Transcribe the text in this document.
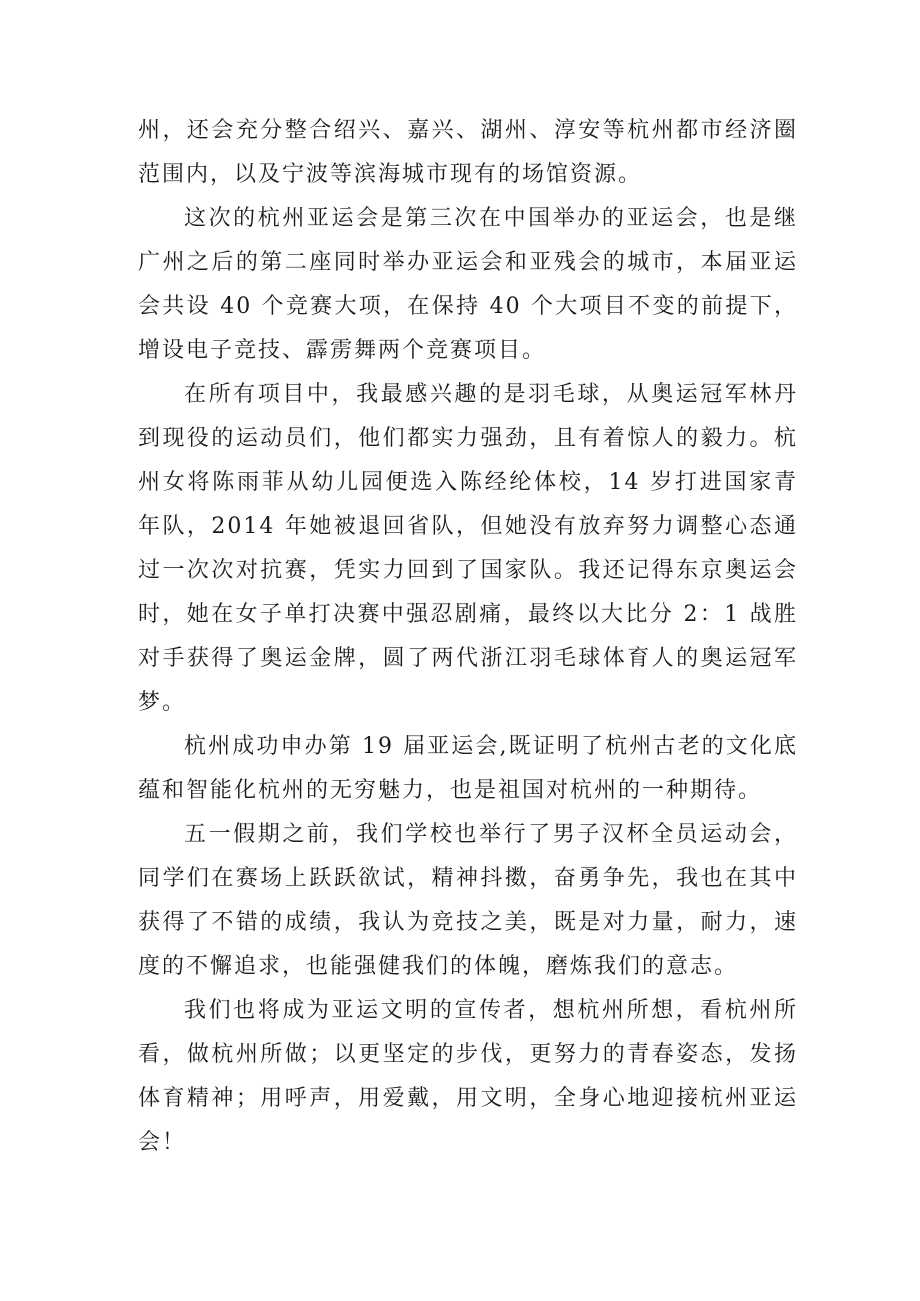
州，还会充分整合绍兴、嘉兴、湖州、淳安等杭州都市经济圈范围内，以及宁波等滨海城市现有的场馆资源。

这次的杭州亚运会是第三次在中国举办的亚运会，也是继广州之后的第二座同时举办亚运会和亚残会的城市，本届亚运会共设 40 个竞赛大项，在保持 40 个大项目不变的前提下，增设电子竞技、霹雳舞两个竞赛项目。

在所有项目中，我最感兴趣的是羽毛球，从奥运冠军林丹到现役的运动员们，他们都实力强劲，且有着惊人的毅力。杭州女将陈雨菲从幼儿园便选入陈经纶体校，14 岁打进国家青年队，2014 年她被退回省队，但她没有放弃努力调整心态通过一次次对抗赛，凭实力回到了国家队。我还记得东京奥运会时，她在女子单打决赛中强忍剧痛，最终以大比分 2：1 战胜对手获得了奥运金牌，圆了两代浙江羽毛球体育人的奥运冠军梦。

杭州成功申办第 19 届亚运会,既证明了杭州古老的文化底蕴和智能化杭州的无穷魅力，也是祖国对杭州的一种期待。

五一假期之前，我们学校也举行了男子汉杯全员运动会，同学们在赛场上跃跃欲试，精神抖擞，奋勇争先，我也在其中获得了不错的成绩，我认为竞技之美，既是对力量，耐力，速度的不懈追求，也能强健我们的体魄，磨炼我们的意志。

我们也将成为亚运文明的宣传者，想杭州所想，看杭州所看，做杭州所做；以更坚定的步伐，更努力的青春姿态，发扬体育精神；用呼声，用爱戴，用文明，全身心地迎接杭州亚运会！
